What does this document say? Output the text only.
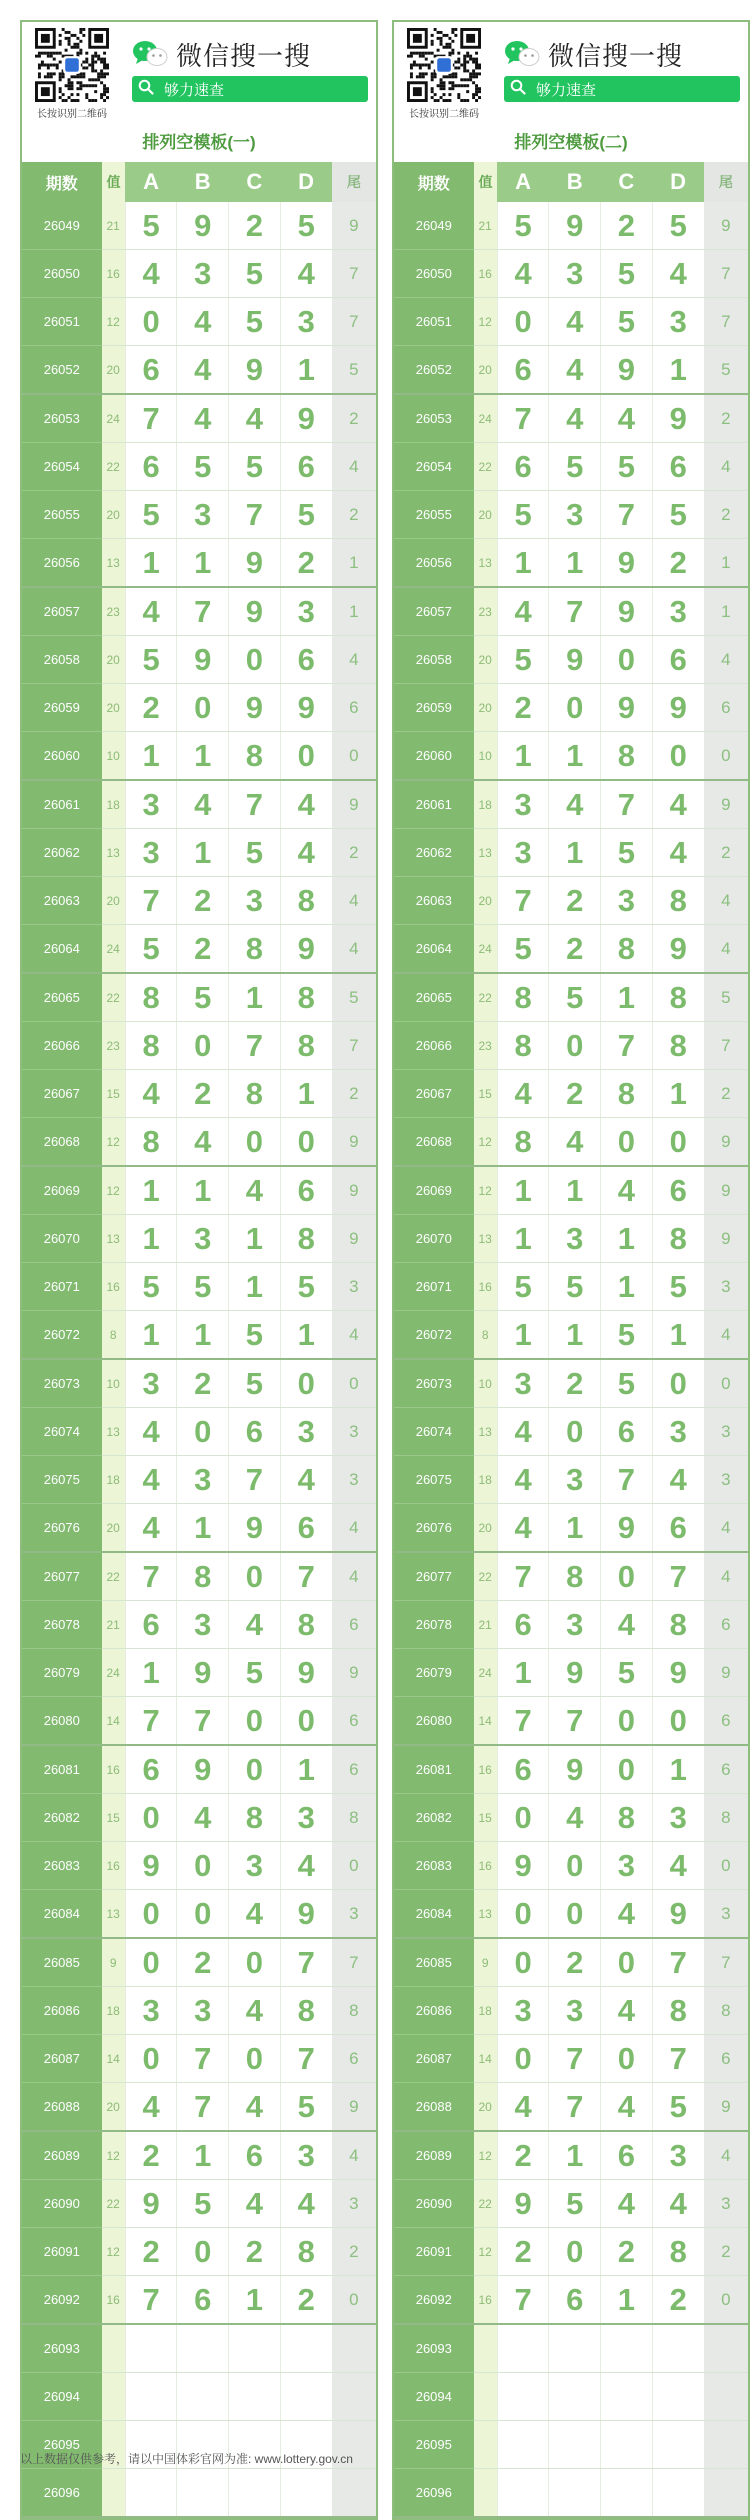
长按识别二维码
微信搜一搜
够力速查
排列空模板(一)
期数	值	A	B	C	D	尾
26049	21	5	9	2	5	9
26050	16	4	3	5	4	7
26051	12	0	4	5	3	7
26052	20	6	4	9	1	5
26053	24	7	4	4	9	2
26054	22	6	5	5	6	4
26055	20	5	3	7	5	2
26056	13	1	1	9	2	1
26057	23	4	7	9	3	1
26058	20	5	9	0	6	4
26059	20	2	0	9	9	6
26060	10	1	1	8	0	0
26061	18	3	4	7	4	9
26062	13	3	1	5	4	2
26063	20	7	2	3	8	4
26064	24	5	2	8	9	4
26065	22	8	5	1	8	5
26066	23	8	0	7	8	7
26067	15	4	2	8	1	2
26068	12	8	4	0	0	9
26069	12	1	1	4	6	9
26070	13	1	3	1	8	9
26071	16	5	5	1	5	3
26072	8	1	1	5	1	4
26073	10	3	2	5	0	0
26074	13	4	0	6	3	3
26075	18	4	3	7	4	3
26076	20	4	1	9	6	4
26077	22	7	8	0	7	4
26078	21	6	3	4	8	6
26079	24	1	9	5	9	9
26080	14	7	7	0	0	6
26081	16	6	9	0	1	6
26082	15	0	4	8	3	8
26083	16	9	0	3	4	0
26084	13	0	0	4	9	3
26085	9	0	2	0	7	7
26086	18	3	3	4	8	8
26087	14	0	7	0	7	6
26088	20	4	7	4	5	9
26089	12	2	1	6	3	4
26090	22	9	5	4	4	3
26091	12	2	0	2	8	2
26092	16	7	6	1	2	0
26093						
26094						
26095						
26096						
长按识别二维码
微信搜一搜
够力速查
排列空模板(二)
期数	值	A	B	C	D	尾
26049	21	5	9	2	5	9
26050	16	4	3	5	4	7
26051	12	0	4	5	3	7
26052	20	6	4	9	1	5
26053	24	7	4	4	9	2
26054	22	6	5	5	6	4
26055	20	5	3	7	5	2
26056	13	1	1	9	2	1
26057	23	4	7	9	3	1
26058	20	5	9	0	6	4
26059	20	2	0	9	9	6
26060	10	1	1	8	0	0
26061	18	3	4	7	4	9
26062	13	3	1	5	4	2
26063	20	7	2	3	8	4
26064	24	5	2	8	9	4
26065	22	8	5	1	8	5
26066	23	8	0	7	8	7
26067	15	4	2	8	1	2
26068	12	8	4	0	0	9
26069	12	1	1	4	6	9
26070	13	1	3	1	8	9
26071	16	5	5	1	5	3
26072	8	1	1	5	1	4
26073	10	3	2	5	0	0
26074	13	4	0	6	3	3
26075	18	4	3	7	4	3
26076	20	4	1	9	6	4
26077	22	7	8	0	7	4
26078	21	6	3	4	8	6
26079	24	1	9	5	9	9
26080	14	7	7	0	0	6
26081	16	6	9	0	1	6
26082	15	0	4	8	3	8
26083	16	9	0	3	4	0
26084	13	0	0	4	9	3
26085	9	0	2	0	7	7
26086	18	3	3	4	8	8
26087	14	0	7	0	7	6
26088	20	4	7	4	5	9
26089	12	2	1	6	3	4
26090	22	9	5	4	4	3
26091	12	2	0	2	8	2
26092	16	7	6	1	2	0
26093						
26094						
26095						
26096						
以上数据仅供参考，请以中国体彩官网为准: www.lottery.gov.cn
